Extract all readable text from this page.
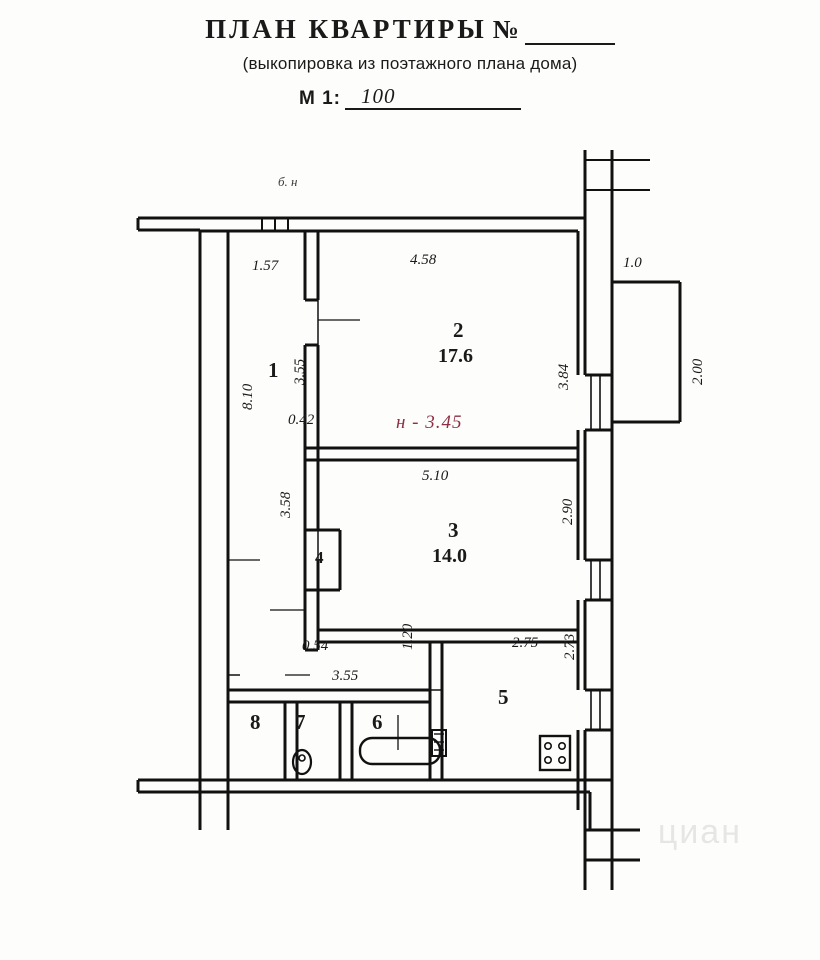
ПЛАН КВАРТИРЫ №
(выкопировка из поэтажного плана дома)
М 1: 100
1.57	4.58	1.0
2.00
3.84
3.55
0.42
8.10
5.10
2.90
3.58
0.54
3.55
1.20	2.75 2.73
б. н
н - 3.45
1
2
17.6
3
14.0
4
5
6
7
8
циан
